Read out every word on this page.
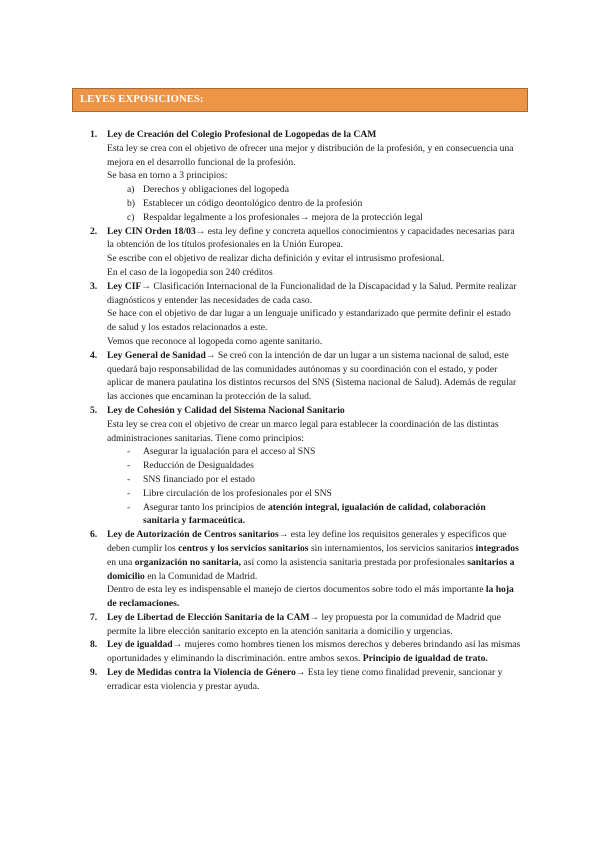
LEYES EXPOSICIONES:
1. Ley de Creación del Colegio Profesional de Logopedas de la CAM

Esta ley se crea con el objetivo de ofrecer una mejor y distribución de la profesión, y en consecuencia una mejora en el desarrollo funcional de la profesión.

Se basa en torno a 3 principios:

a) Derechos y obligaciones del logopeda
b) Establecer un código deontológico dentro de la profesión
c) Respaldar legalmente a los profesionales→ mejora de la protección legal
2. Ley CIN Orden 18/03→ esta ley define y concreta aquellos conocimientos y capacidades necesarias para la obtención de los títulos profesionales en la Unión Europea.

Se escribe con el objetivo de realizar dicha definición y evitar el intrusismo profesional.

En el caso de la logopedia son 240 créditos

3. Ley CIF→ Clasificación Internacional de la Funcionalidad de la Discapacidad y la Salud. Permite realizar diagnósticos y entender las necesidades de cada caso.

Se hace con el objetivo de dar lugar a un lenguaje unificado y estandarizado que permite definir el estado de salud y los estados relacionados a este.

Vemos que reconoce al logopeda como agente sanitario.

4. Ley General de Sanidad→ Se creó con la intención de dar un lugar a un sistema nacional de salud, este quedará bajo responsabilidad de las comunidades autónomas y su coordinación con el estado, y poder aplicar de manera paulatina los distintos recursos del SNS (Sistema nacional de Salud). Además de regular las acciones que encaminan la protección de la salud.

5. Ley de Cohesión y Calidad del Sistema Nacional Sanitario

Esta ley se crea con el objetivo de crear un marco legal para establecer la coordinación de las distintas administraciones sanitarias. Tiene como principios:

- Asegurar la igualación para el acceso al SNS
- Reducción de Desigualdades
- SNS financiado por el estado
- Libre circulación de los profesionales por el SNS
- Asegurar tanto los principios de atención integral, igualación de calidad, colaboración sanitaria y farmaceútica.
6. Ley de Autorización de Centros sanitarios→ esta ley define los requisitos generales y específicos que deben cumplir los centros y los servicios sanitarios sin internamientos, los servicios sanitarios integrados en una organización no sanitaria, así como la asistencia sanitaria prestada por profesionales sanitarios a domicilio en la Comunidad de Madrid.

Dentro de esta ley es indispensable el manejo de ciertos documentos sobre todo el más importante la hoja de reclamaciones.

7. Ley de Libertad de Elección Sanitaria de la CAM→ ley propuesta por la comunidad de Madrid que permite la libre elección sanitario excepto en la atención sanitaria a domicilio y urgencias.

8. Ley de igualdad→ mujeres como hombres tienen los mismos derechos y deberes brindando así las mismas oportunidades y eliminando la discriminación. entre ambos sexos. Principio de igualdad de trato.

9. Ley de Medidas contra la Violencia de Género→ Esta ley tiene como finalidad prevenir, sancionar y erradicar esta violencia y prestar ayuda.
